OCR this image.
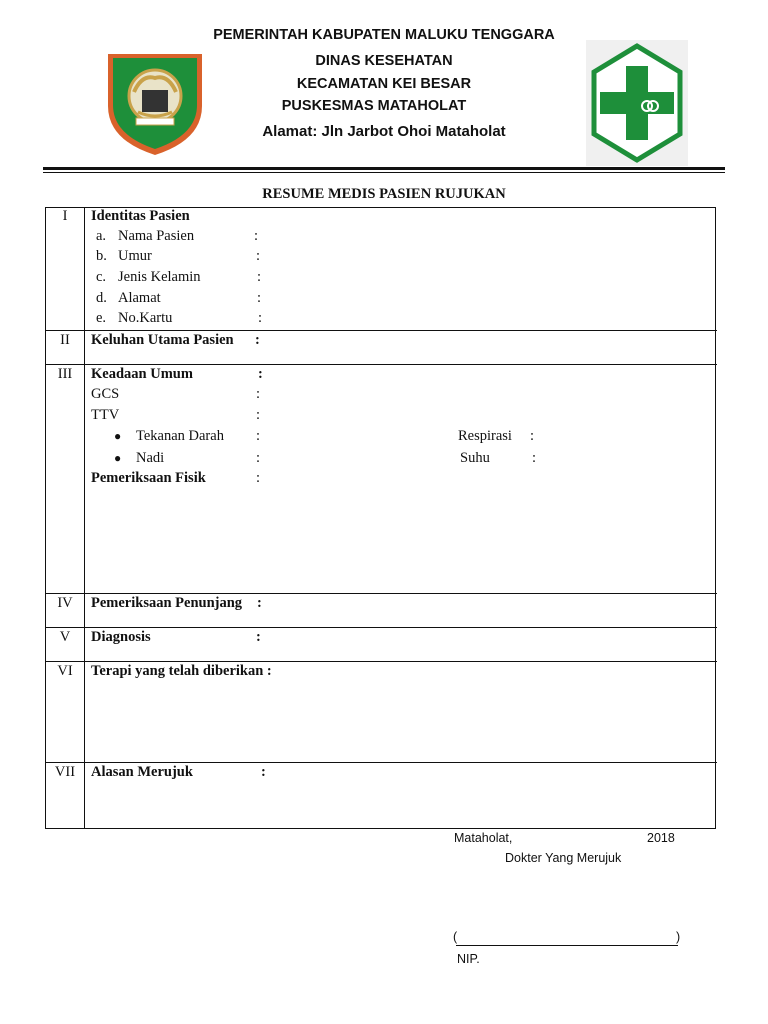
PEMERINTAH KABUPATEN MALUKU TENGGARA
DINAS KESEHATAN
KECAMATAN KEI BESAR
PUSKESMAS MATAHOLAT
Alamat: Jln Jarbot Ohoi Mataholat
RESUME MEDIS PASIEN RUJUKAN
I	Identitas Pasien
a. Nama Pasien	:
b. Umur	:
c. Jenis Kelamin	:
d. Alamat	:
e. No.Kartu	:
II	Keluhan Utama Pasien :
III	Keadaan Umum	:
GCS	:
TTV	:
● Tekanan Darah :	Respirasi :
● Nadi	:	Suhu	:
Pemeriksaan Fisik	:
IV	Pemeriksaan Penunjang :
V	Diagnosis	:
VI	Terapi yang telah diberikan :
VII	Alasan Merujuk	:
Mataholat,	2018
Dokter Yang Merujuk
(	)
NIP.
